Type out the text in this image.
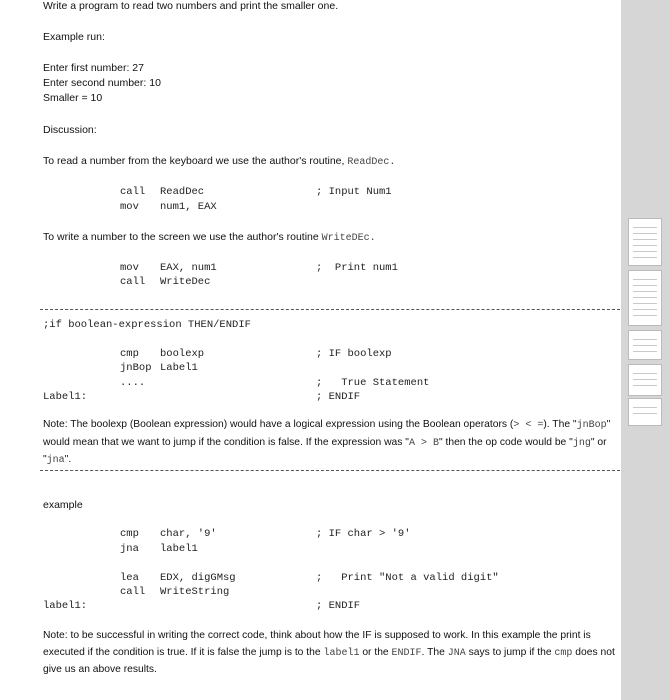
Write a program to read two numbers and print the smaller one.
Example run:
Enter first number: 27
Enter second number: 10
Smaller = 10
Discussion:
To read a number from the keyboard we use the author's routine, ReadDec.
call ReadDec	; Input Num1
mov num1, EAX
To write a number to the screen we use the author's routine WriteDEc.
mov EAX, num1	;  Print num1
call WriteDec
;if boolean-expression THEN/ENDIF
cmp boolexp	; IF boolexp
jnBop Label1
....	;   True Statement
Label1:	; ENDIF
Note: The boolexp (Boolean expression) would have a logical expression using the Boolean operators (> < =). The "jnBop" would mean that we want to jump if the condition is false. If the expression was "A > B" then the op code would be "jng" or "jna".
example
cmp char, '9'	; IF char > '9'
jna label1
lea EDX, digGMsg	;   Print "Not a valid digit"
call WriteString
label1:	; ENDIF
Note: to be successful in writing the correct code, think about how the IF is supposed to work. In this example the print is executed if the condition is true. If it is false the jump is to the label1 or the ENDIF. The JNA says to jump if the cmp does not give us an above results.
